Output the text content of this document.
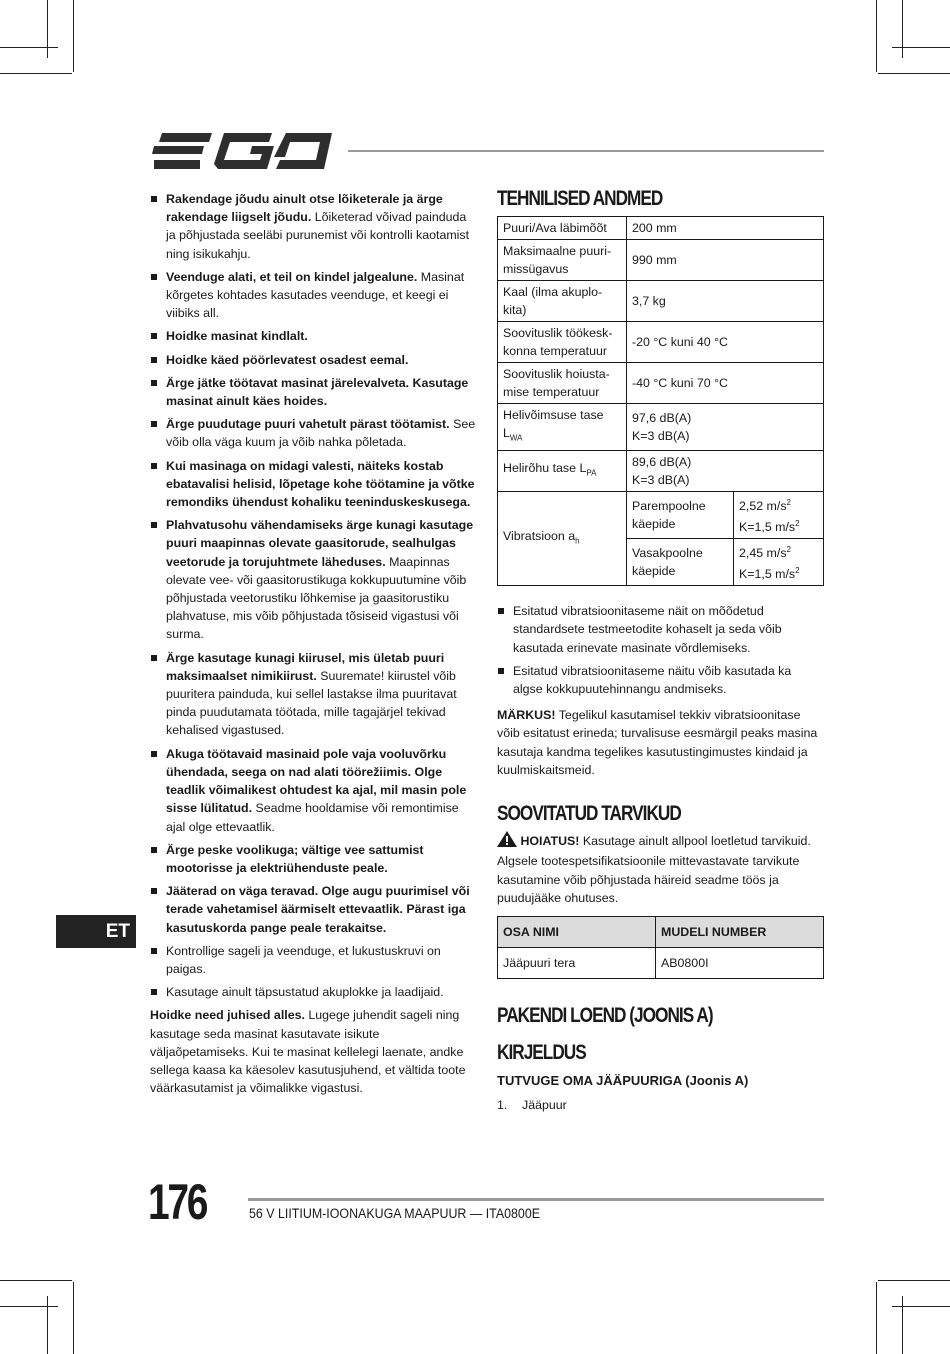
Rakendage jõudu ainult otse lõiketerale ja ärge rakendage liigselt jõudu. Lõiketerad võivad painduda ja põhjustada seeläbi purunemist või kontrolli kaotamist ning isikukahju.
Veenduge alati, et teil on kindel jalgealune. Masinat kõrgetes kohtades kasutades veenduge, et keegi ei viibiks all.
Hoidke masinat kindlalt.
Hoidke käed pöörlevatest osadest eemal.
Ärge jätke töötavat masinat järelevalveta. Kasutage masinat ainult käes hoides.
Ärge puudutage puuri vahetult pärast töötamist. See võib olla väga kuum ja võib nahka põletada.
Kui masinaga on midagi valesti, näiteks kostab ebatavalisi helisid, lõpetage kohe töötamine ja võtke remondiks ühendust kohaliku teeninduskeskusega.
Plahvatusohu vähendamiseks ärge kunagi kasutage puuri maapinnas olevate gaasitorude, sealhulgas veetorude ja torujuhtmete läheduses. Maapinnas olevate vee- või gaasitorustikuga kokkupuutumine võib põhjustada veetorustiku lõhkemise ja gaasitorustiku plahvatuse, mis võib põhjustada tõsiseid vigastusi või surma.
Ärge kasutage kunagi kiirusel, mis ületab puuri maksimaalset nimikiirust. Suuremate! kiirustel võib puuritera painduda, kui sellel lastakse ilma puuritavat pinda puudutamata töötada, mille tagajärjel tekivad kehalised vigastused.
Akuga töötavaid masinaid pole vaja vooluvõrku ühendada, seega on nad alati töörežiimis. Olge teadlik võimalikest ohtudest ka ajal, mil masin pole sisse lülitatud. Seadme hooldamise või remontimise ajal olge ettevaatlik.
Ärge peske voolikuga; vältige vee sattumist mootorisse ja elektriühenduste peale.
Jääterad on väga teravad. Olge augu puurimisel või terade vahetamisel äärmiselt ettevaatlik. Pärast iga kasutuskorda pange peale terakaitse.
Kontrollige sageli ja veenduge, et lukustuskruvi on paigas.
Kasutage ainult täpsustatud akuplokke ja laadijaid.

Hoidke need juhised alles. Lugege juhendit sageli ning kasutage seda masinat kasutavate isikute väljaõpetamiseks. Kui te masinat kellelegi laenate, andke sellega kaasa ka käesolev kasutusjuhend, et vältida toote väärkasutamist ja võimalikke vigastusi.

TEHNILISED ANDMED
Puuri/Ava läbimõõt	200 mm	
Maksimaalne puuri-missügavus	990 mm	
Kaal (ilma akuplo-kita)	3,7 kg	
Soovituslik töökesk-konna temperatuur	-20 °C kuni 40 °C	
Soovituslik hoiusta-mise temperatuur	-40 °C kuni 70 °C	
Helivõimsuse tase $L_{WA}$	97,6 dB(A)
K=3 dB(A)	
Helirõhu tase $L_{PA}$	89,6 dB(A)
K=3 dB(A)	
Vibratsioon $a_h$	Parempoolne käepide	2,52 $m/s^2$
K=1,5 $m/s^2$
	Vasakpoolne käepide	2,45 $m/s^2$
K=1,5 $m/s^2$
Esitatud vibratsioonitaseme näit on mõõdetud standardsete testmeetodite kohaselt ja seda võib kasutada erinevate masinate võrdlemiseks.
Esitatud vibratsioonitaseme näitu võib kasutada ka algse kokkupuutehinnangu andmiseks.

MÄRKUS! Tegelikul kasutamisel tekkiv vibratsioonitase võib esitatust erineda; turvalisuse eesmärgil peaks masina kasutaja kandma tegelikes kasutustingimustes kindaid ja kuulmiskaitsmeid.

SOOVITATUD TARVIKUD

HOIATUS! Kasutage ainult allpool loetletud tarvikuid. Algsele tootespetsifikatsioonile mittevastavate tarvikute kasutamine võib põhjustada häireid seadme töös ja puudujääke ohutuses.

OSA NIMI	MUDELI NUMBER
Jääpuuri tera	AB0800I
PAKENDI LOEND (JOONIS A)
KIRJELDUS

TUTVUGE OMA JÄÄPUURIGA (Joonis A)

1. Jääpuur

ET
176	56 V LIITIUM-IOONAKUGA MAAPUUR — ITA0800E
